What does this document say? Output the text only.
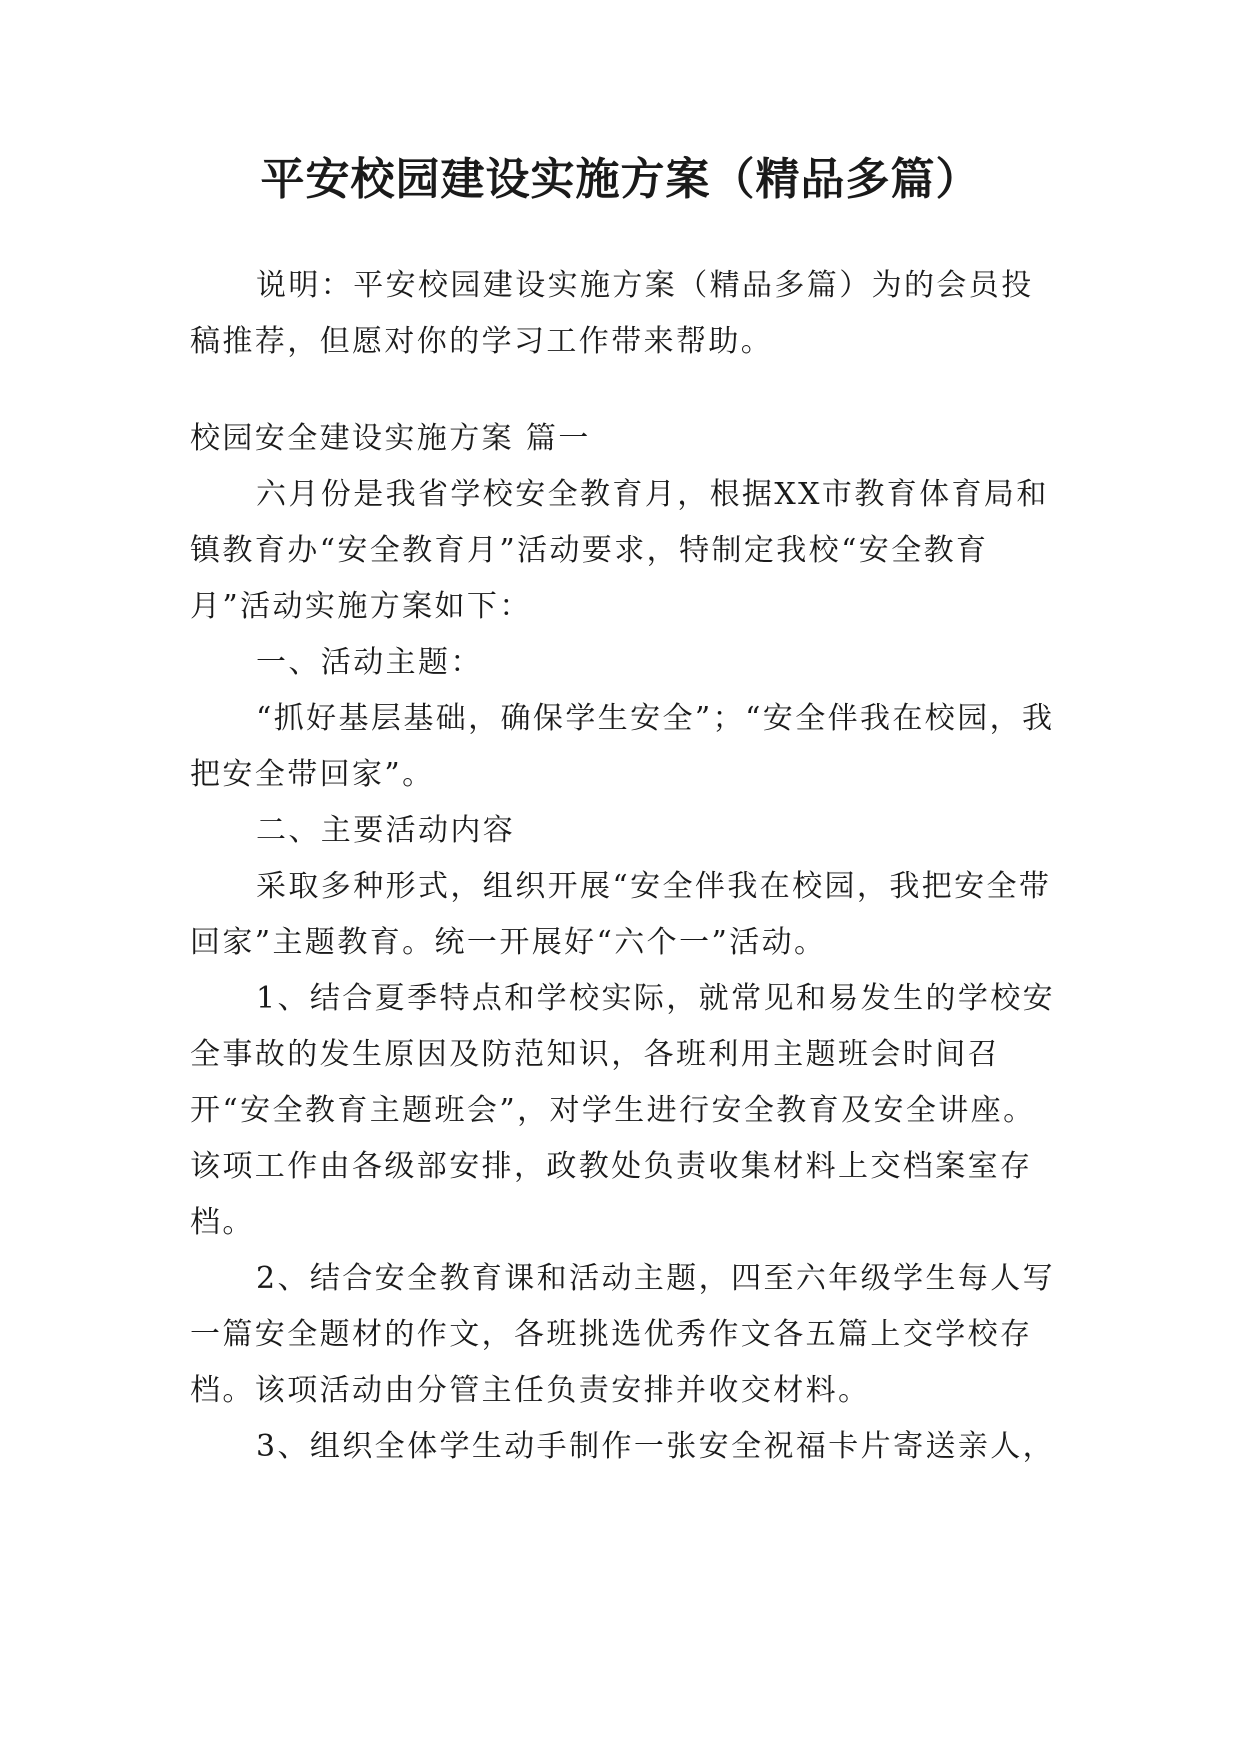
平安校园建设实施方案（精品多篇）

说明：平安校园建设实施方案（精品多篇）为的会员投稿推荐，但愿对你的学习工作带来帮助。

校园安全建设实施方案 篇一

六月份是我省学校安全教育月，根据XX市教育体育局和镇教育办“安全教育月”活动要求，特制定我校“安全教育月”活动实施方案如下：

一、活动主题：

“抓好基层基础，确保学生安全”；“安全伴我在校园，我把安全带回家”。

二、主要活动内容

采取多种形式，组织开展“安全伴我在校园，我把安全带回家”主题教育。统一开展好“六个一”活动。

1、结合夏季特点和学校实际，就常见和易发生的学校安全事故的发生原因及防范知识，各班利用主题班会时间召开“安全教育主题班会”，对学生进行安全教育及安全讲座。该项工作由各级部安排，政教处负责收集材料上交档案室存档。

2、结合安全教育课和活动主题，四至六年级学生每人写一篇安全题材的作文，各班挑选优秀作文各五篇上交学校存档。该项活动由分管主任负责安排并收交材料。

3、组织全体学生动手制作一张安全祝福卡片寄送亲人，
